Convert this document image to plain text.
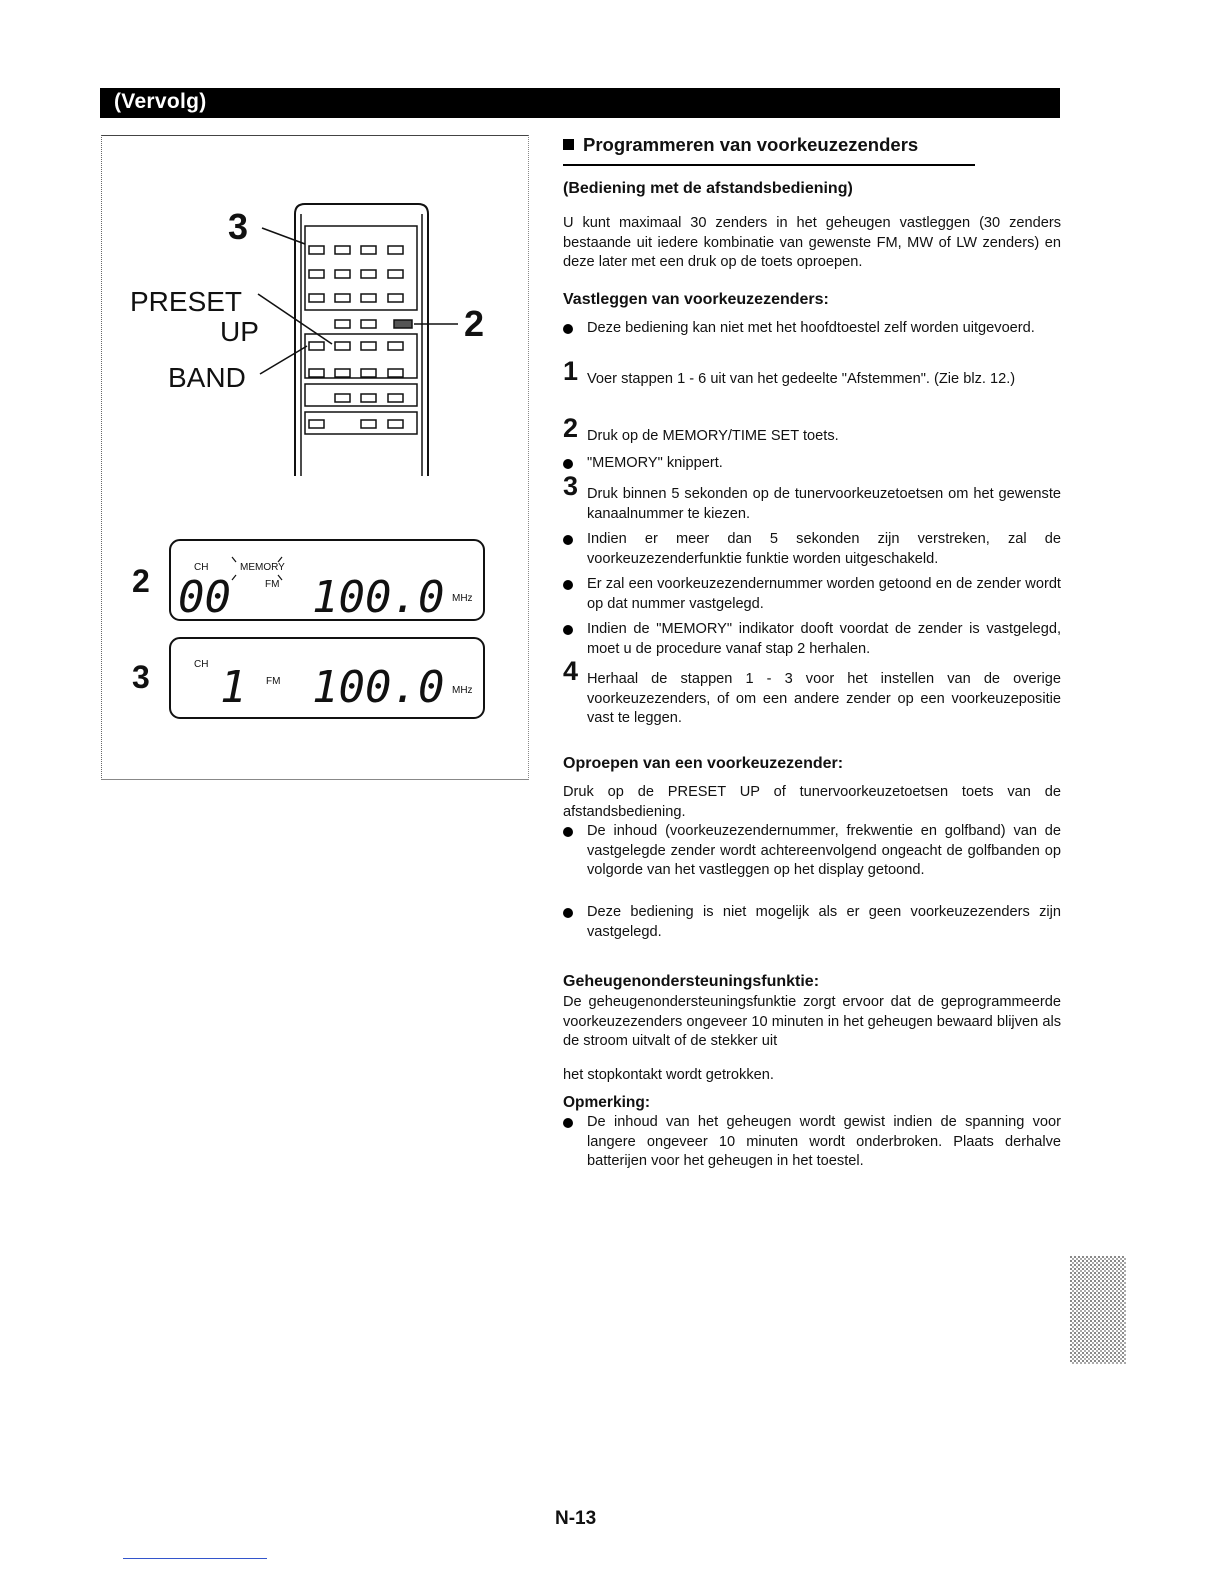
(Vervolg)
3
2
PRESET
UP
BAND
2	CH	MEMORY
FM
00 100.0 MHz
3	CH
FM
1 100.0 MHz
Programmeren van voorkeuzezenders
(Bediening met de afstandsbediening)
U kunt maximaal 30 zenders in het geheugen vastleggen (30 zenders bestaande uit iedere kombinatie van gewenste FM, MW of LW zenders) en deze later met een druk op de toets oproepen.
Vastleggen van voorkeuzezenders:
Deze bediening kan niet met het hoofdtoestel zelf worden uitgevoerd.
1 Voer stappen 1 - 6 uit van het gedeelte "Afstemmen". (Zie blz. 12.)
2 Druk op de MEMORY/TIME SET toets.
"MEMORY" knippert.
3 Druk binnen 5 sekonden op de tunervoorkeuzetoetsen om het gewenste kanaalnummer te kiezen.
Indien er meer dan 5 sekonden zijn verstreken, zal de voorkeuzezenderfunktie funktie worden uitgeschakeld.
Er zal een voorkeuzezendernummer worden getoond en de zender wordt op dat nummer vastgelegd.
Indien de "MEMORY" indikator dooft voordat de zender is vastgelegd, moet u de procedure vanaf stap 2 herhalen.
4 Herhaal de stappen 1 - 3 voor het instellen van de overige voorkeuzezenders, of om een andere zender op een voorkeuzepositie vast te leggen.
Oproepen van een voorkeuzezender:
Druk op de PRESET UP of tunervoorkeuzetoetsen toets van de afstandsbediening.
De inhoud (voorkeuzezendernummer, frekwentie en golfband) van de vastgelegde zender wordt achtereenvolgend ongeacht de golfbanden op volgorde van het vastleggen op het display getoond.
Deze bediening is niet mogelijk als er geen voorkeuzezenders zijn vastgelegd.
Geheugenondersteuningsfunktie:
De geheugenondersteuningsfunktie zorgt ervoor dat de geprogrammeerde voorkeuzezenders ongeveer 10 minuten in het geheugen bewaard blijven als de stroom uitvalt of de stekker uit
het stopkontakt wordt getrokken.
Opmerking:
De inhoud van het geheugen wordt gewist indien de spanning voor langere ongeveer 10 minuten wordt onderbroken. Plaats derhalve batterijen voor het geheugen in het toestel.
N-13
